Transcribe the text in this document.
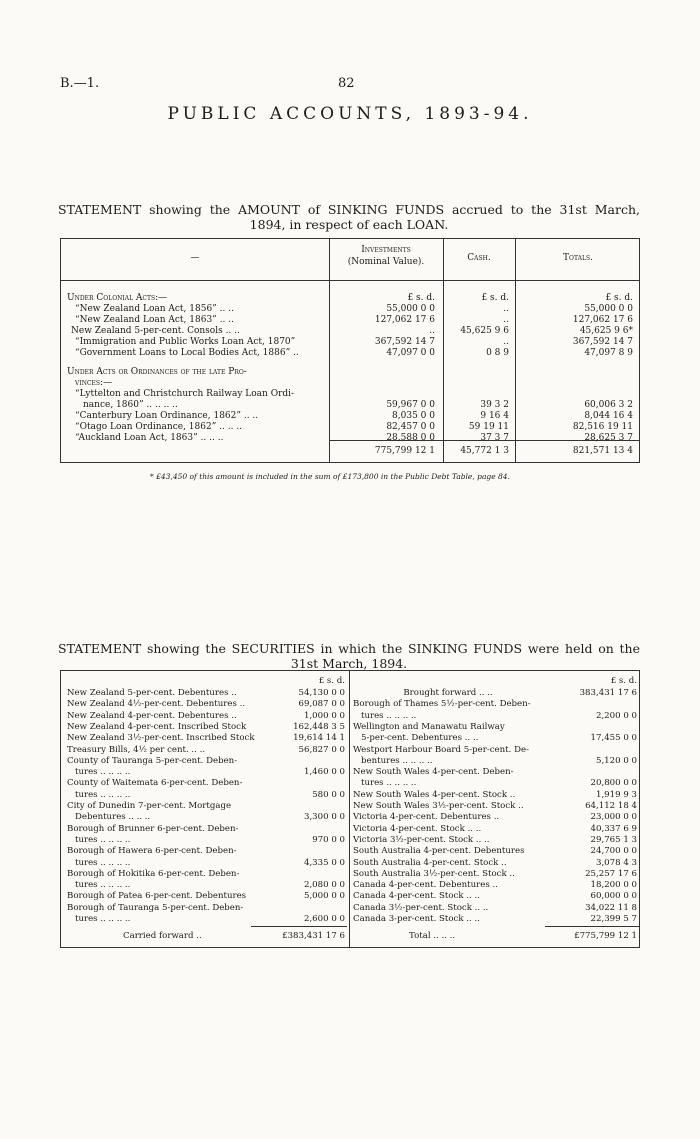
B.—1.	82
PUBLIC ACCOUNTS, 1893-94.
STATEMENT showing the AMOUNT of SINKING FUNDS accrued to the 31st March,
1894, in respect of each LOAN.
—
Investments
(Nominal Value).	Cash.	Totals.
Under Colonial Acts:—	£ s. d.	£ s. d.	£ s. d.
“New Zealand Loan Act, 1856” .. ..	55,000 0 0	..	55,000 0 0
“New Zealand Loan Act, 1863” .. ..	127,062 17 6	..	127,062 17 6
New Zealand 5-per-cent. Consols .. ..	..	45,625 9 6	45,625 9 6*
“Immigration and Public Works Loan Act, 1870”	367,592 14 7	..	367,592 14 7
“Government Loans to Local Bodies Act, 1886” ..	47,097 0 0	0 8 9	47,097 8 9
Under Acts or Ordinances of the late Pro-
vinces:—
“Lyttelton and Christchurch Railway Loan Ordi-
nance, 1860” .. .. .. ..	59,967 0 0	39 3 2	60,006 3 2
“Canterbury Loan Ordinance, 1862” .. ..	8,035 0 0	9 16 4	8,044 16 4
“Otago Loan Ordinance, 1862” .. .. ..	82,457 0 0	59 19 11	82,516 19 11
“Auckland Loan Act, 1863” .. .. ..	28,588 0 0	37 3 7	28,625 3 7
775,799 12 1	45,772 1 3	821,571 13 4
* £43,450 of this amount is included in the sum of £173,800 in the Public Debt Table, page 84.
STATEMENT showing the SECURITIES in which the SINKING FUNDS were held on the
31st March, 1894.
£ s. d.	£ s. d.
New Zealand 5-per-cent. Debentures ..	54,130 0 0
New Zealand 4½-per-cent. Debentures ..	69,087 0 0
New Zealand 4-per-cent. Debentures ..	1,000 0 0
New Zealand 4-per-cent. Inscribed Stock	162,448 3 5
New Zealand 3½-per-cent. Inscribed Stock	19,614 14 1
Treasury Bills, 4½ per cent. .. ..	56,827 0 0
County of Tauranga 5-per-cent. Deben-
tures .. .. .. ..	1,460 0 0
County of Waitemata 6-per-cent. Deben-
tures .. .. .. ..	580 0 0
City of Dunedin 7-per-cent. Mortgage
Debentures .. .. ..	3,300 0 0
Borough of Brunner 6-per-cent. Deben-
tures .. .. .. ..	970 0 0
Borough of Hawera 6-per-cent. Deben-
tures .. .. .. ..	4,335 0 0
Borough of Hokitika 6-per-cent. Deben-
tures .. .. .. ..	2,080 0 0
Borough of Patea 6-per-cent. Debentures	5,000 0 0
Borough of Tauranga 5-per-cent. Deben-
tures .. .. .. ..	2,600 0 0
Brought forward .. ..	383,431 17 6
Borough of Thames 5½-per-cent. Deben-
tures .. .. .. ..	2,200 0 0
Wellington and Manawatu Railway
5-per-cent. Debentures .. ..	17,455 0 0
Westport Harbour Board 5-per-cent. De-
bentures .. .. .. ..	5,120 0 0
New South Wales 4-per-cent. Deben-
tures .. .. .. ..	20,800 0 0
New South Wales 4-per-cent. Stock ..	1,919 9 3
New South Wales 3½-per-cent. Stock ..	64,112 18 4
Victoria 4-per-cent. Debentures ..	23,000 0 0
Victoria 4-per-cent. Stock .. ..	40,337 6 9
Victoria 3½-per-cent. Stock .. ..	29,765 1 3
South Australia 4-per-cent. Debentures	24,700 0 0
South Australia 4-per-cent. Stock ..	3,078 4 3
South Australia 3½-per-cent. Stock ..	25,257 17 6
Canada 4-per-cent. Debentures ..	18,200 0 0
Canada 4-per-cent. Stock .. ..	60,000 0 0
Canada 3½-per-cent. Stock .. ..	34,022 11 8
Canada 3-per-cent. Stock .. ..	22,399 5 7
Carried forward ..	£383,431 17 6	Total .. .. ..	£775,799 12 1
